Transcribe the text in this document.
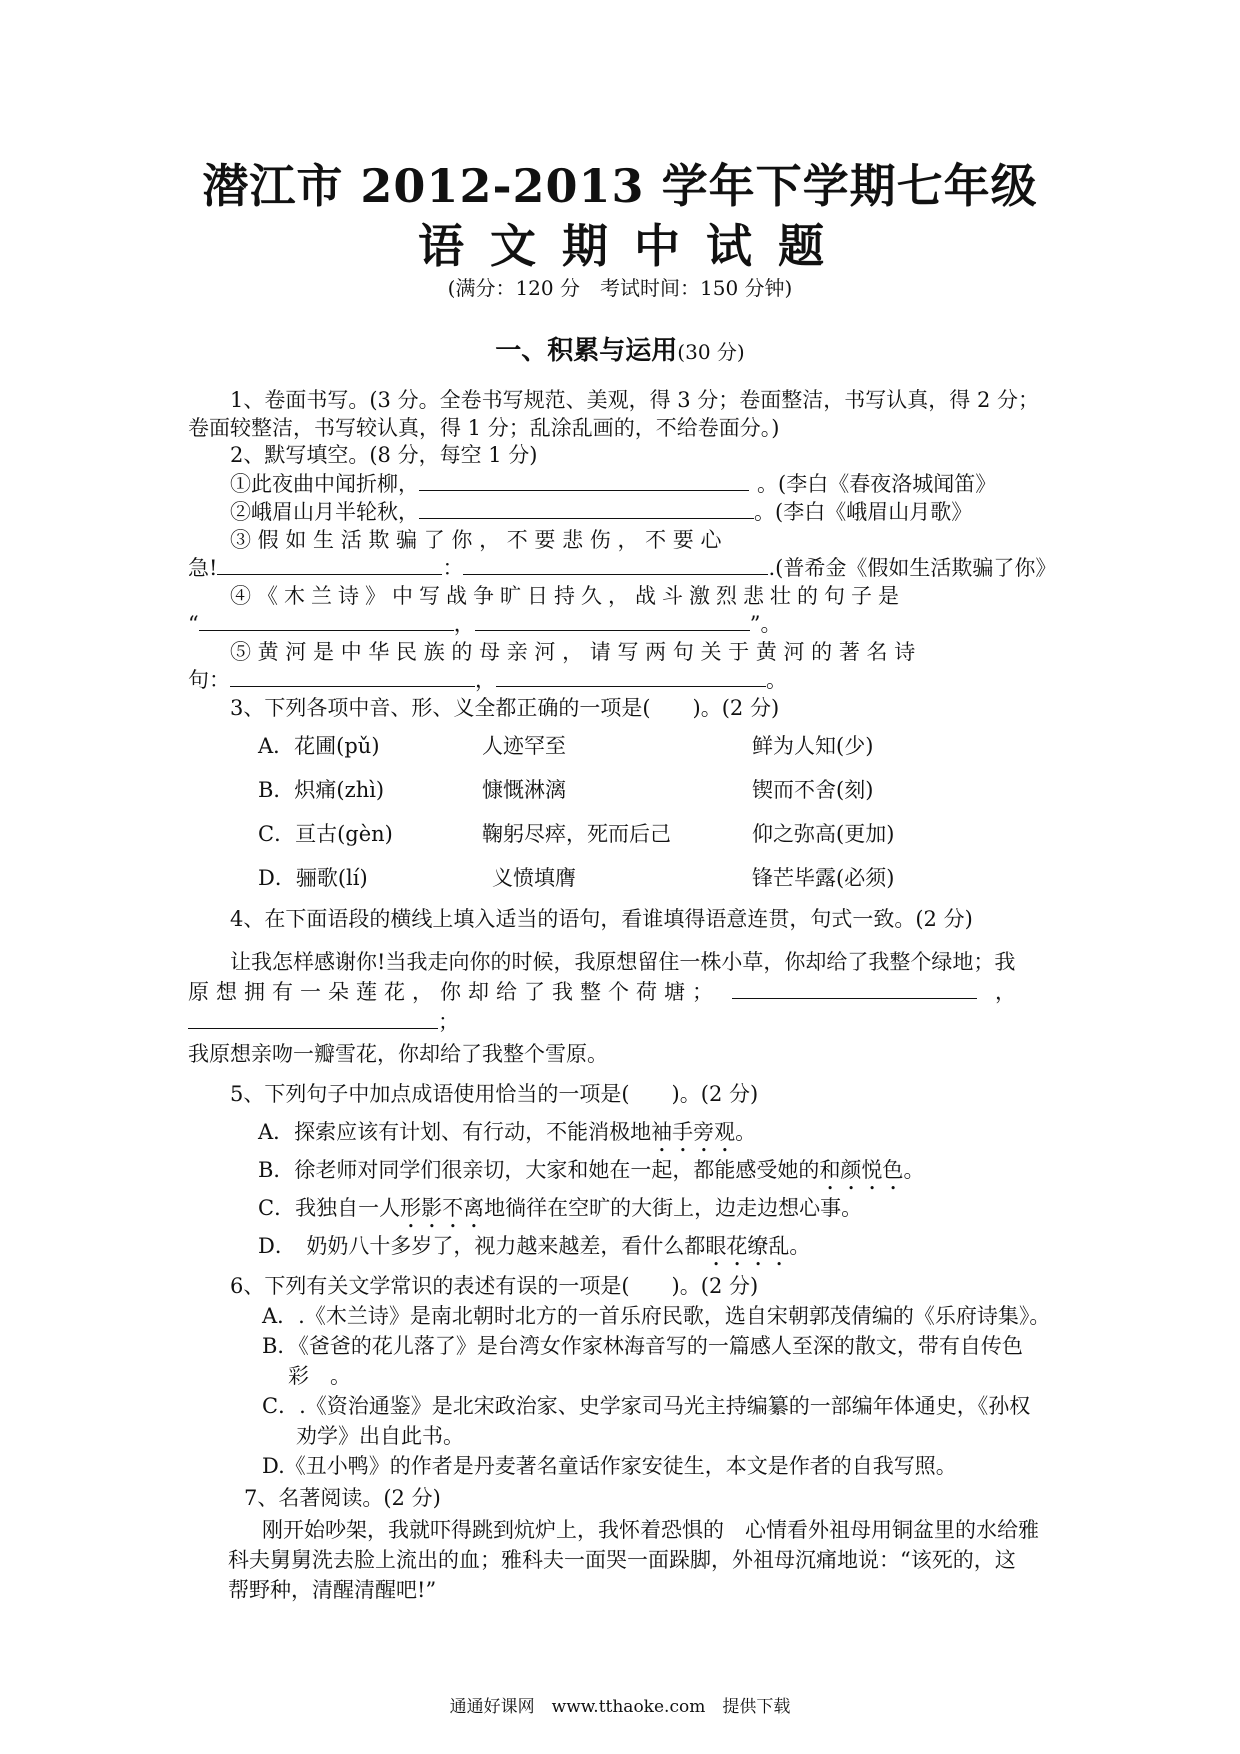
潜江市 2012-2013 学年下学期七年级
语文期中试题
(满分：120 分　考试时间：150 分钟)
一、积累与运用(30 分)
1、卷面书写。(3 分。全卷书写规范、美观，得 3 分；卷面整洁，书写认真，得 2 分；
卷面较整洁，书写较认真，得 1 分；乱涂乱画的，不给卷面分。)
2、默写填空。(8 分，每空 1 分)
①此夜曲中闻折柳，	。(李白《春夜洛城闻笛》
②峨眉山月半轮秋，	。(李白《峨眉山月歌》
③ 假 如 生 活 欺 骗 了 你 ， 不 要 悲 伤 ， 不 要 心
急!	：	.(普希金《假如生活欺骗了你》
④《木兰诗》中写战争旷日持久，战斗激烈悲壮的句子是
“	，	”。
⑤ 黄 河 是 中 华 民 族 的 母 亲 河 ， 请 写 两 句 关 于 黄 河 的 著 名 诗
句：	，	。
3、下列各项中音、形、义全都正确的一项是(　　)。(2 分)
A．花圃(pǔ)	人迹罕至	鲜为人知(少)
B．炽痛(zhì)	慷慨淋漓	锲而不舍(刻)
C．亘古(gèn)	鞠躬尽瘁，死而后己	仰之弥高(更加)
D．骊歌(lí)	义愤填膺	锋芒毕露(必须)
4、在下面语段的横线上填入适当的语句，看谁填得语意连贯，句式一致。(2 分)
让我怎样感谢你!当我走向你的时候，我原想留住一株小草，你却给了我整个绿地；我
原想拥有一朵莲花，你却给了我整个荷塘；	，
；
我原想亲吻一瓣雪花，你却给了我整个雪原。
5、下列句子中加点成语使用恰当的一项是(　　)。(2 分)
A．探索应该有计划、有行动，不能消极地袖手旁观。
B．徐老师对同学们很亲切，大家和她在一起，都能感受她的和颜悦色。
C．我独自一人形影不离地徜徉在空旷的大街上，边走边想心事。
D．　奶奶八十多岁了，视力越来越差，看什么都眼花缭乱。
6、下列有关文学常识的表述有误的一项是(　　)。(2 分)
A．.《木兰诗》是南北朝时北方的一首乐府民歌，选自宋朝郭茂倩编的《乐府诗集》。
B．《爸爸的花儿落了》是台湾女作家林海音写的一篇感人至深的散文，带有自传色
彩　。
C．.《资治通鉴》是北宋政治家、史学家司马光主持编纂的一部编年体通史，《孙权
劝学》出自此书。
D.《丑小鸭》的作者是丹麦著名童话作家安徒生，本文是作者的自我写照。
7、名著阅读。(2 分)
刚开始吵架，我就吓得跳到炕炉上，我怀着恐惧的　心情看外祖母用铜盆里的水给雅
科夫舅舅洗去脸上流出的血；雅科夫一面哭一面跺脚，外祖母沉痛地说：“该死的，这
帮野种，清醒清醒吧!”
通通好课网　www.tthaoke.com　提供下载
